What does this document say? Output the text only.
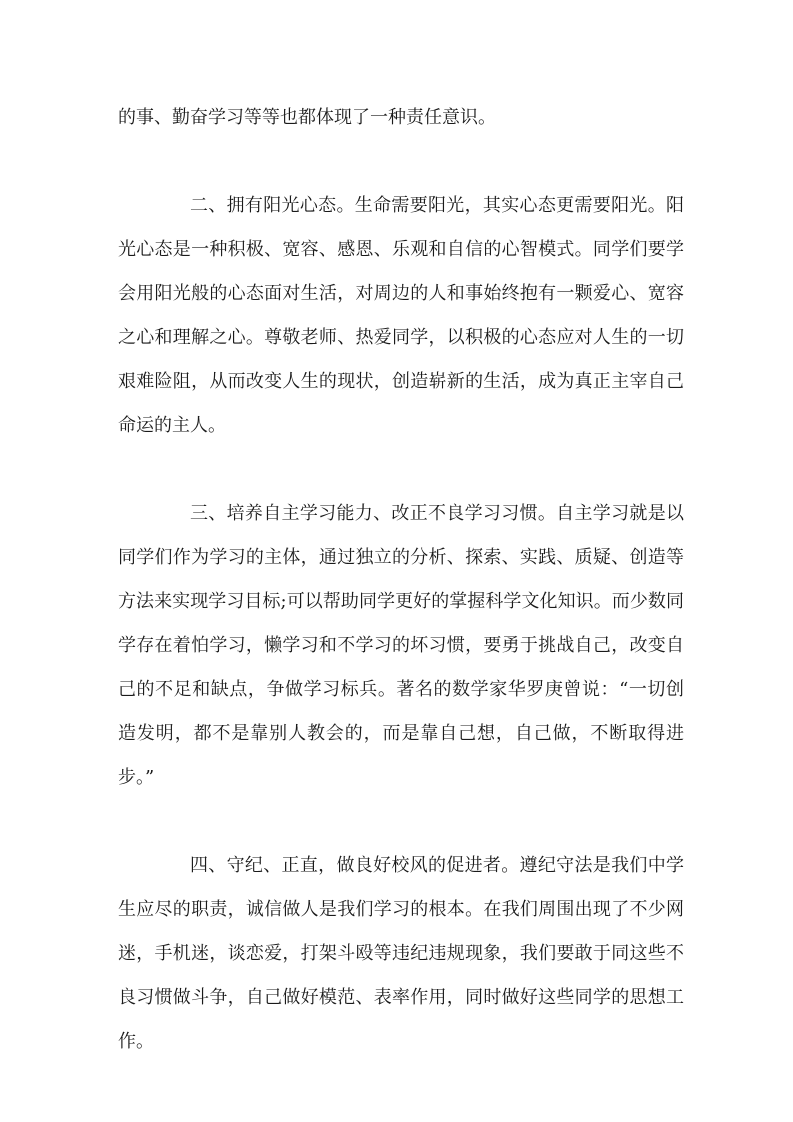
的事、勤奋学习等等也都体现了一种责任意识。

二、拥有阳光心态。生命需要阳光，其实心态更需要阳光。阳光心态是一种积极、宽容、感恩、乐观和自信的心智模式。同学们要学会用阳光般的心态面对生活，对周边的人和事始终抱有一颗爱心、宽容之心和理解之心。尊敬老师、热爱同学，以积极的心态应对人生的一切艰难险阻，从而改变人生的现状，创造崭新的生活，成为真正主宰自己命运的主人。

三、培养自主学习能力、改正不良学习习惯。自主学习就是以同学们作为学习的主体，通过独立的分析、探索、实践、质疑、创造等方法来实现学习目标;可以帮助同学更好的掌握科学文化知识。而少数同学存在着怕学习，懒学习和不学习的坏习惯，要勇于挑战自己，改变自己的不足和缺点，争做学习标兵。著名的数学家华罗庚曾说：“一切创造发明，都不是靠别人教会的，而是靠自己想，自己做，不断取得进步。”

四、守纪、正直，做良好校风的促进者。遵纪守法是我们中学生应尽的职责，诚信做人是我们学习的根本。在我们周围出现了不少网迷，手机迷，谈恋爱，打架斗殴等违纪违规现象，我们要敢于同这些不良习惯做斗争，自己做好模范、表率作用，同时做好这些同学的思想工作。
